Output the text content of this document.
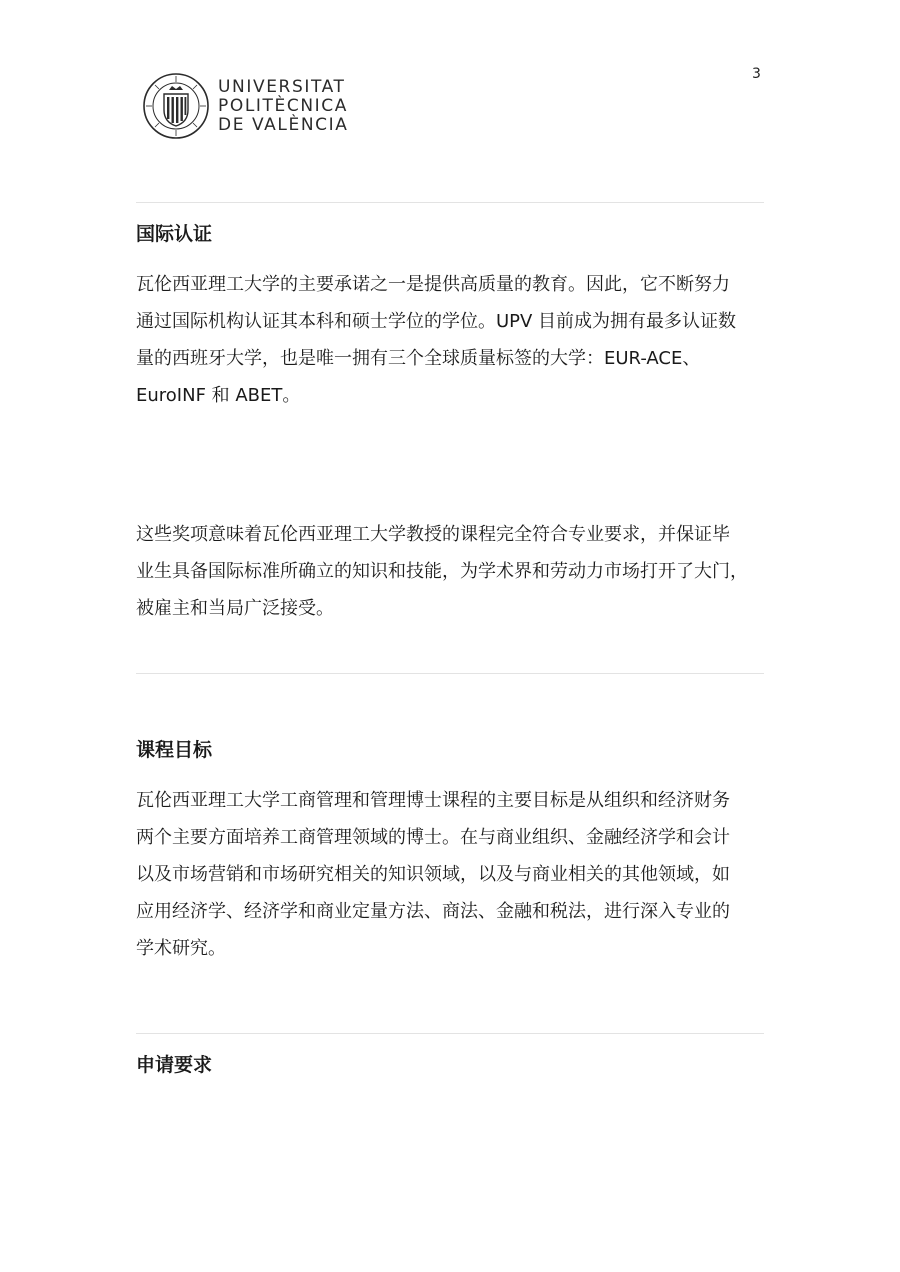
3
UNIVERSITAT
POLITÈCNICA
DE VALÈNCIA
国际认证
瓦伦西亚理工大学的主要承诺之一是提供高质量的教育。因此，它不断努力
通过国际机构认证其本科和硕士学位的学位。UPV 目前成为拥有最多认证数
量的西班牙大学，也是唯一拥有三个全球质量标签的大学：EUR-ACE、
EuroINF 和 ABET。
这些奖项意味着瓦伦西亚理工大学教授的课程完全符合专业要求，并保证毕
业生具备国际标准所确立的知识和技能，为学术界和劳动力市场打开了大门，
被雇主和当局广泛接受。
课程目标
瓦伦西亚理工大学工商管理和管理博士课程的主要目标是从组织和经济财务
两个主要方面培养工商管理领域的博士。在与商业组织、金融经济学和会计
以及市场营销和市场研究相关的知识领域，以及与商业相关的其他领域，如
应用经济学、经济学和商业定量方法、商法、金融和税法，进行深入专业的
学术研究。
申请要求
